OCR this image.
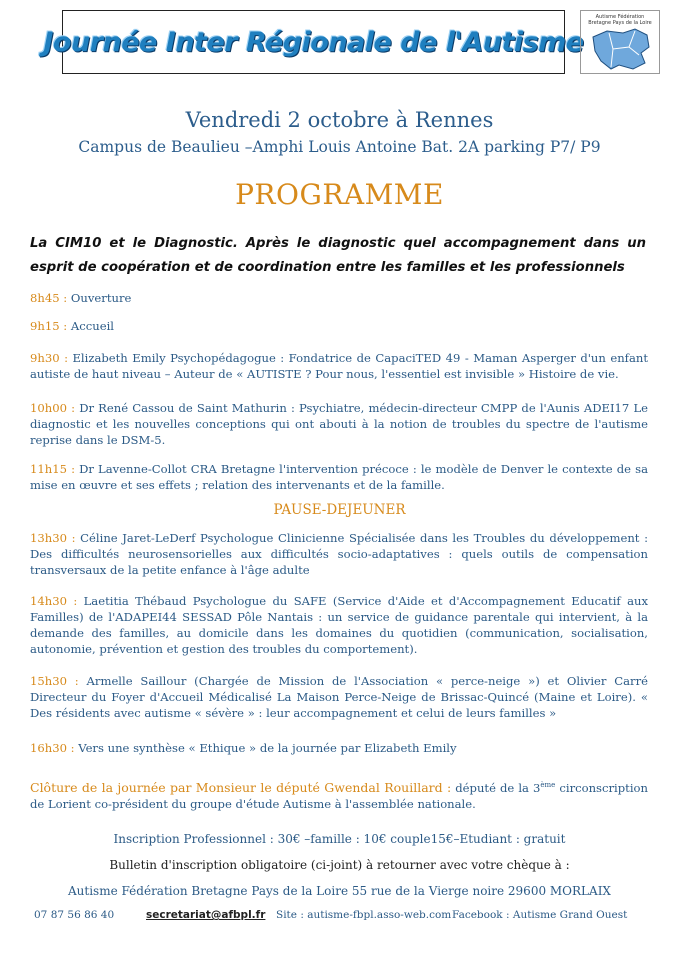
Journée Inter Régionale de l'Autisme
Autisme Fédération Bretagne Pays de la Loire
Vendredi 2 octobre à Rennes
Campus de Beaulieu –Amphi Louis Antoine Bat. 2A parking P7/ P9
PROGRAMME
La CIM10 et le Diagnostic. Après le diagnostic quel accompagnement dans un esprit de coopération et de coordination entre les familles et les professionnels
8h45 : Ouverture
9h15 : Accueil
9h30 : Elizabeth Emily Psychopédagogue : Fondatrice de CapaciTED 49 - Maman Asperger d'un enfant autiste de haut niveau – Auteur de « AUTISTE ? Pour nous, l'essentiel est invisible » Histoire de vie.
10h00 : Dr René Cassou de Saint Mathurin : Psychiatre, médecin-directeur CMPP de l'Aunis ADEI17 Le diagnostic et les nouvelles conceptions qui ont abouti à la notion de troubles du spectre de l'autisme reprise dans le DSM-5.
11h15 : Dr Lavenne-Collot CRA Bretagne l'intervention précoce : le modèle de Denver le contexte de sa mise en œuvre et ses effets ; relation des intervenants et de la famille.
PAUSE-DEJEUNER
13h30 : Céline Jaret-LeDerf Psychologue Clinicienne Spécialisée dans les Troubles du développement : Des difficultés neurosensorielles aux difficultés socio-adaptatives : quels outils de compensation transversaux de la petite enfance à l'âge adulte
14h30 : Laetitia Thébaud Psychologue du SAFE (Service d'Aide et d'Accompagnement Educatif aux Familles) de l'ADAPEI44 SESSAD Pôle Nantais : un service de guidance parentale qui intervient, à la demande des familles, au domicile dans les domaines du quotidien (communication, socialisation, autonomie, prévention et gestion des troubles du comportement).
15h30 : Armelle Saillour (Chargée de Mission de l'Association « perce-neige ») et Olivier Carré Directeur du Foyer d'Accueil Médicalisé La Maison Perce-Neige de Brissac-Quincé (Maine et Loire). « Des résidents avec autisme « sévère » : leur accompagnement et celui de leurs familles »
16h30 : Vers une synthèse « Ethique » de la journée par Elizabeth Emily
Clôture de la journée par Monsieur le député Gwendal Rouillard : député de la 3ème circonscription de Lorient co-président du groupe d'étude Autisme à l'assemblée nationale.
Inscription Professionnel : 30€ –famille : 10€ couple15€–Etudiant : gratuit
Bulletin d'inscription obligatoire (ci-joint) à retourner avec votre chèque à :
Autisme Fédération Bretagne Pays de la Loire 55 rue de la Vierge noire 29600 MORLAIX
07 87 56 86 40	secretariat@afbpl.fr Site : autisme-fbpl.asso-web.com Facebook : Autisme Grand Ouest
